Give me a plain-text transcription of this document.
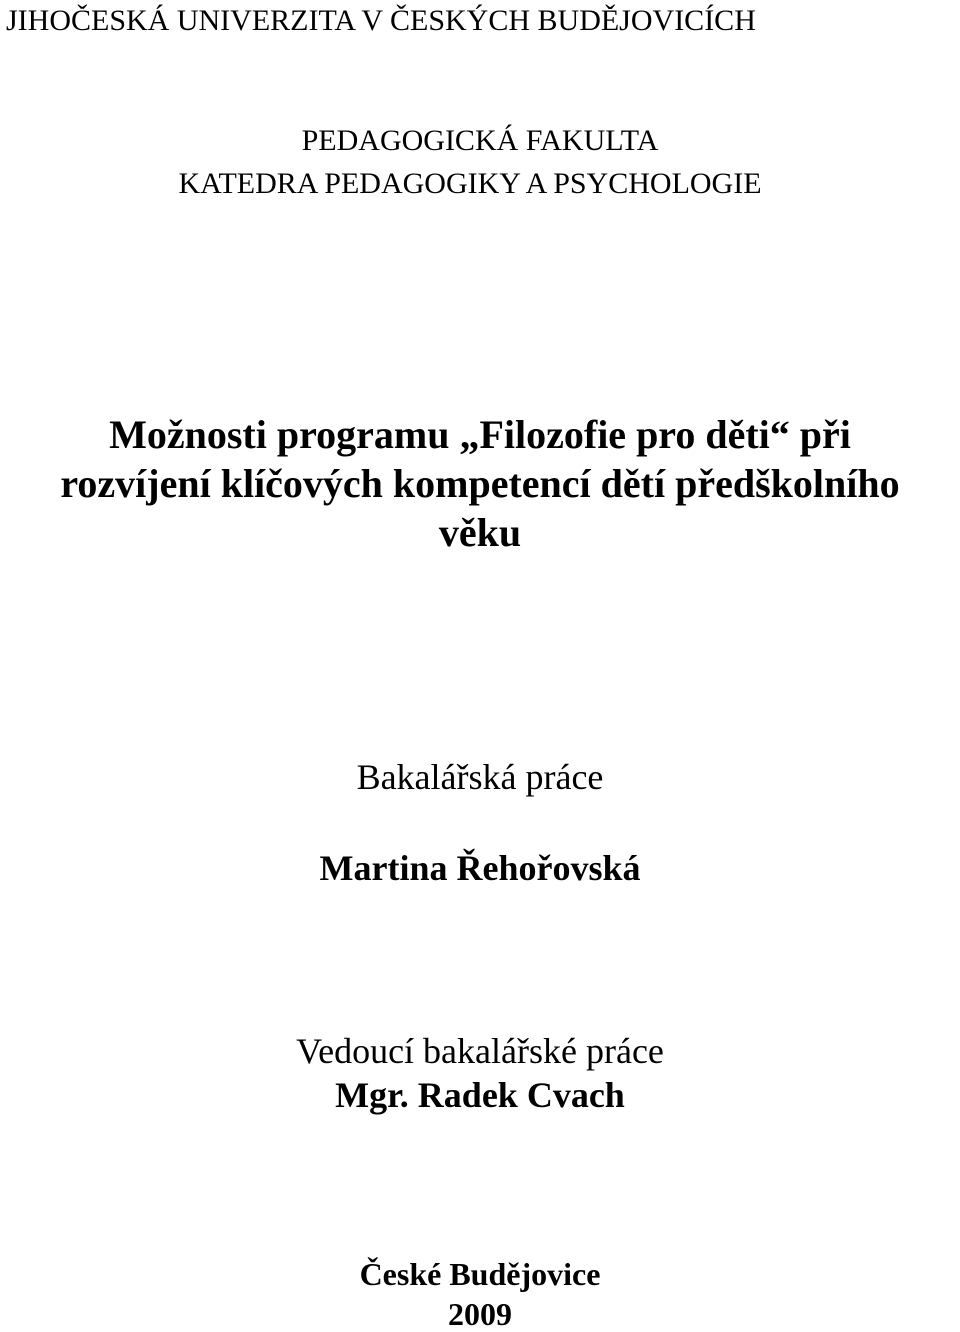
JIHOČESKÁ UNIVERZITA V ČESKÝCH BUDĚJOVICÍCH
PEDAGOGICKÁ FAKULTA
KATEDRA PEDAGOGIKY A PSYCHOLOGIE
Možnosti programu „Filozofie pro děti“ při
rozvíjení klíčových kompetencí dětí předškolního
věku
Bakalářská práce
Martina Řehořovská
Vedoucí bakalářské práce
Mgr. Radek Cvach
České Budějovice
2009
